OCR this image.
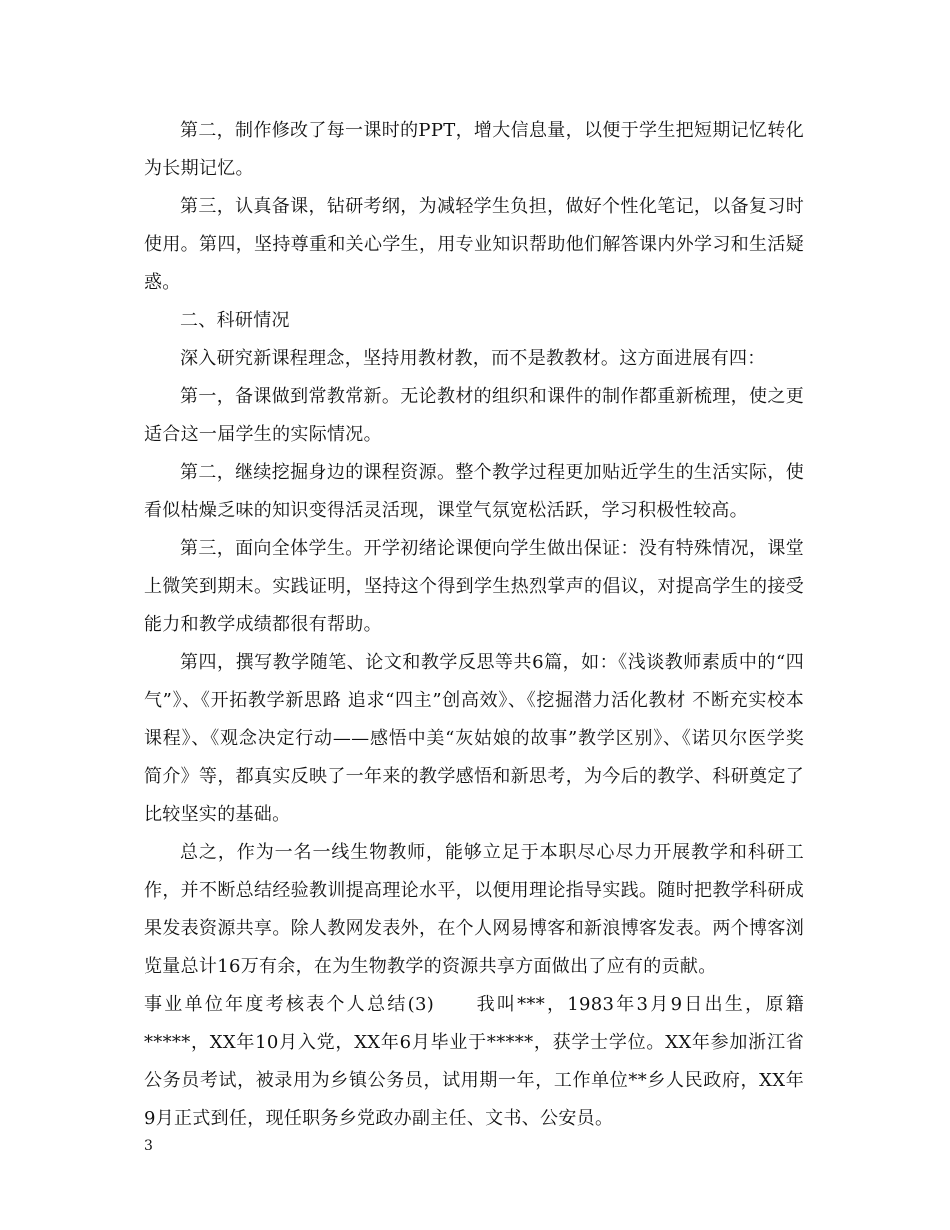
第二，制作修改了每一课时的PPT，增大信息量，以便于学生把短期记忆转化为长期记忆。

第三，认真备课，钻研考纲，为减轻学生负担，做好个性化笔记，以备复习时使用。第四，坚持尊重和关心学生，用专业知识帮助他们解答课内外学习和生活疑惑。

二、科研情况

深入研究新课程理念，坚持用教材教，而不是教教材。这方面进展有四：

第一，备课做到常教常新。无论教材的组织和课件的制作都重新梳理，使之更适合这一届学生的实际情况。

第二，继续挖掘身边的课程资源。整个教学过程更加贴近学生的生活实际，使看似枯燥乏味的知识变得活灵活现，课堂气氛宽松活跃，学习积极性较高。

第三，面向全体学生。开学初绪论课便向学生做出保证：没有特殊情况，课堂上微笑到期末。实践证明，坚持这个得到学生热烈掌声的倡议，对提高学生的接受能力和教学成绩都很有帮助。

第四，撰写教学随笔、论文和教学反思等共6篇，如：《浅谈教师素质中的“四气”》、《开拓教学新思路 追求“四主”创高效》、《挖掘潜力活化教材 不断充实校本课程》、《观念决定行动——感悟中美“灰姑娘的故事”教学区别》、《诺贝尔医学奖简介》等，都真实反映了一年来的教学感悟和新思考，为今后的教学、科研奠定了比较坚实的基础。

总之，作为一名一线生物教师，能够立足于本职尽心尽力开展教学和科研工作，并不断总结经验教训提高理论水平，以便用理论指导实践。随时把教学科研成果发表资源共享。除人教网发表外，在个人网易博客和新浪博客发表。两个博客浏览量总计16万有余，在为生物教学的资源共享方面做出了应有的贡献。

事业单位年度考核表个人总结(3)　　我叫***，1983年3月9日出生，原籍*****，XX年10月入党，XX年6月毕业于*****，获学士学位。XX年参加浙江省公务员考试，被录用为乡镇公务员，试用期一年，工作单位**乡人民政府，XX年9月正式到任，现任职务乡党政办副主任、文书、公安员。

3
